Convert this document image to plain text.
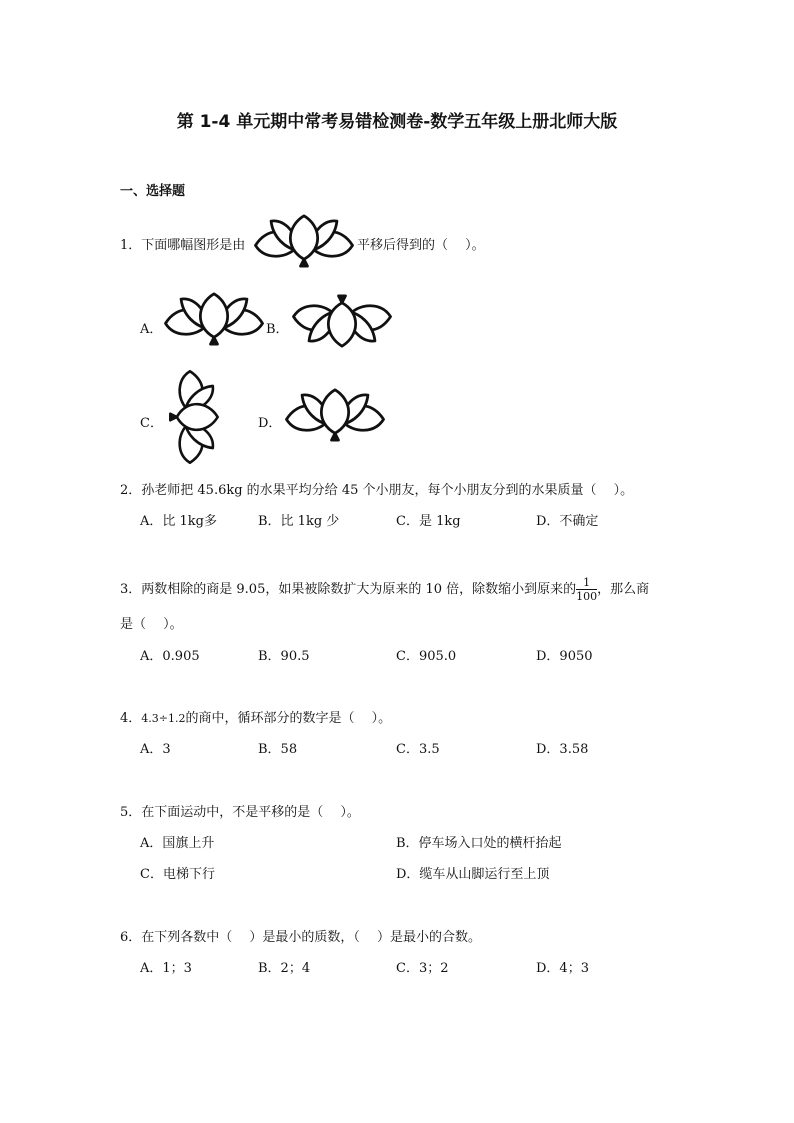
第 1-4 单元期中常考易错检测卷-数学五年级上册北师大版
一、选择题
1．下面哪幅图形是由	平移后得到的（　 ）。
A．	B．
C．	D．
2．孙老师把 45.6kg 的水果平均分给 45 个小朋友，每个小朋友分到的水果质量（　 ）。
A．比 1kg多	B．比 1kg 少	C．是 1kg	D．不确定
3．两数相除的商是 9.05，如果被除数扩大为原来的 10 倍，除数缩小到原来的 $\frac{1}{100}$ ，那么商
是（　 ）。
A．0.905	B．90.5	C．905.0	D．9050
4．4.3÷1.2的商中，循环部分的数字是（　 ）。
A．3	B．58	C．3.5	D．3.58
5．在下面运动中，不是平移的是（　 ）。
A．国旗上升	B．停车场入口处的横杆抬起
C．电梯下行	D．缆车从山脚运行至上顶
6．在下列各数中（　 ）是最小的质数，（　 ）是最小的合数。
A．1；3	B．2；4	C．3；2	D．4；3
